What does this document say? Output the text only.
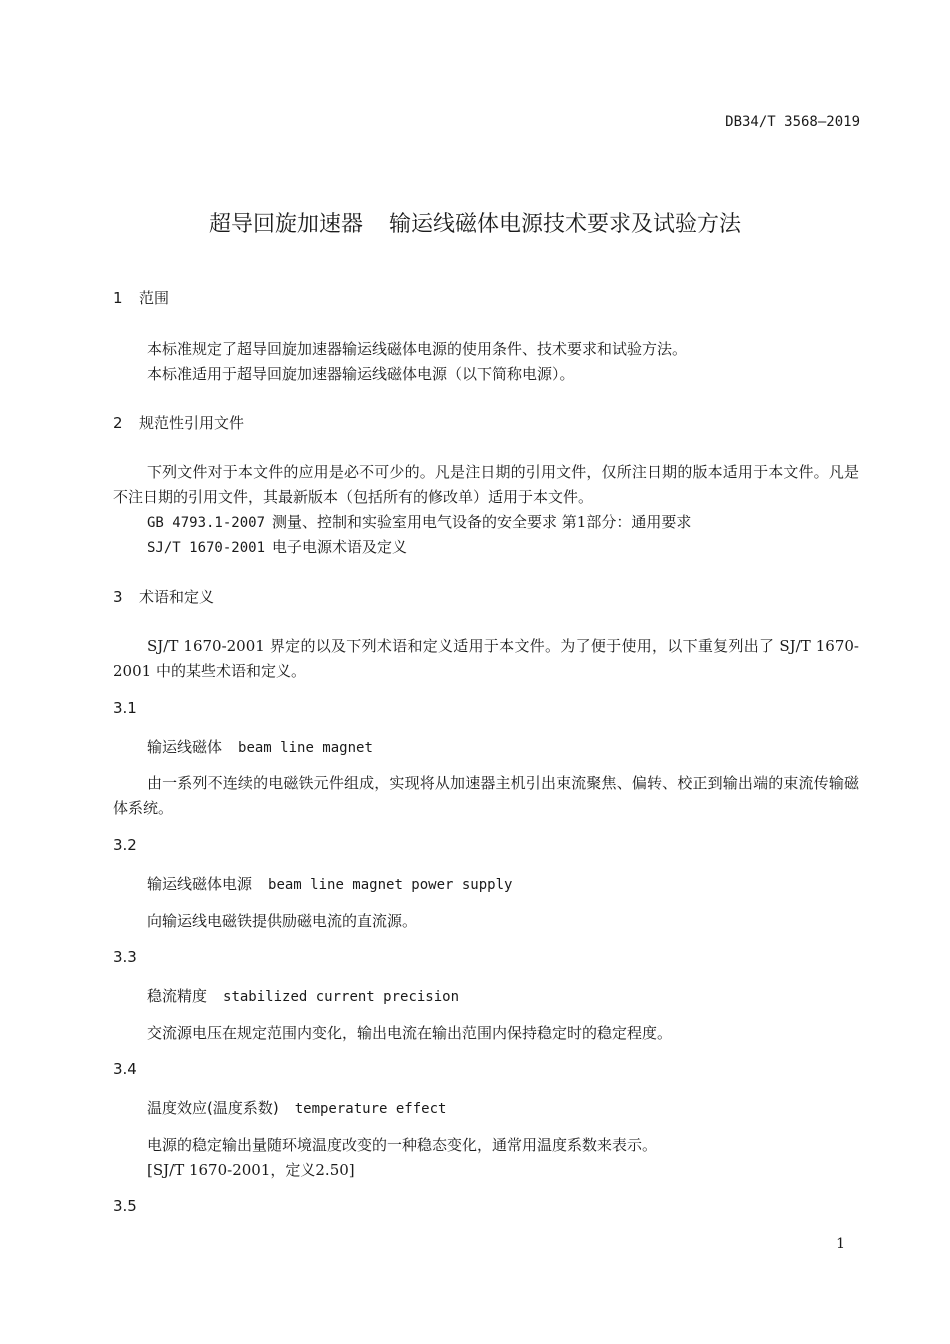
DB34/T 3568—2019
超导回旋加速器 输运线磁体电源技术要求及试验方法
1 范围
本标准规定了超导回旋加速器输运线磁体电源的使用条件、技术要求和试验方法。
本标准适用于超导回旋加速器输运线磁体电源（以下简称电源）。
2 规范性引用文件
下列文件对于本文件的应用是必不可少的。凡是注日期的引用文件，仅所注日期的版本适用于本文件。凡是不注日期的引用文件，其最新版本（包括所有的修改单）适用于本文件。
GB 4793.1-2007 测量、控制和实验室用电气设备的安全要求 第1部分：通用要求
SJ/T 1670-2001 电子电源术语及定义
3 术语和定义
SJ/T 1670-2001 界定的以及下列术语和定义适用于本文件。为了便于使用，以下重复列出了 SJ/T 1670-2001 中的某些术语和定义。
3.1
输运线磁体 beam line magnet
由一系列不连续的电磁铁元件组成，实现将从加速器主机引出束流聚焦、偏转、校正到输出端的束流传输磁体系统。
3.2
输运线磁体电源 beam line magnet power supply
向输运线电磁铁提供励磁电流的直流源。
3.3
稳流精度 stabilized current precision
交流源电压在规定范围内变化，输出电流在输出范围内保持稳定时的稳定程度。
3.4
温度效应(温度系数) temperature effect
电源的稳定输出量随环境温度改变的一种稳态变化，通常用温度系数来表示。
[SJ/T 1670-2001，定义2.50]
3.5
1
